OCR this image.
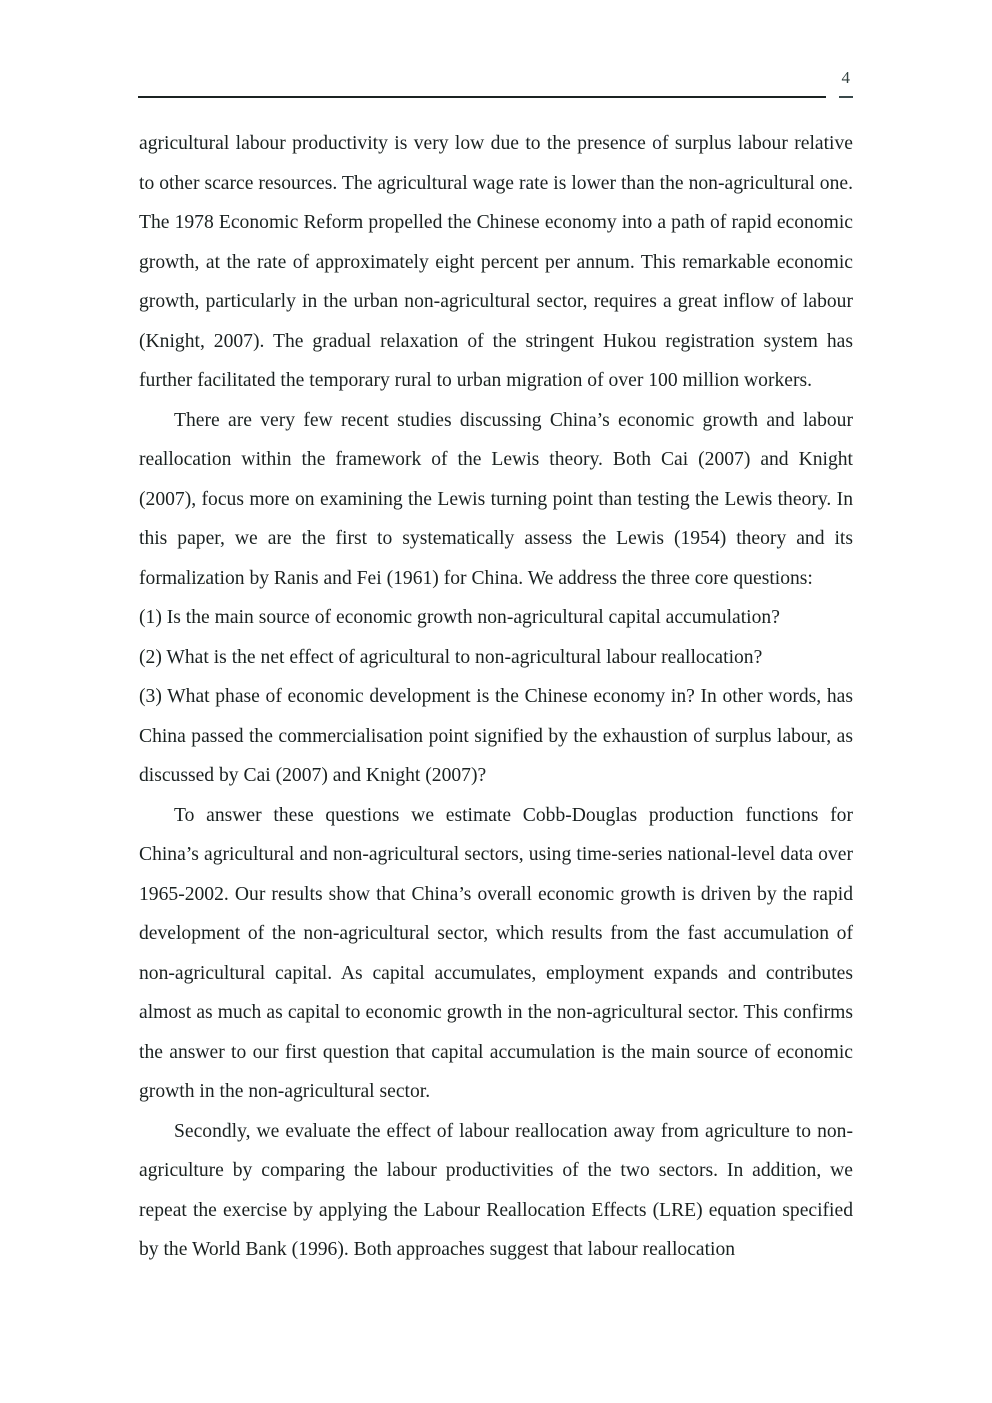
4

agricultural labour productivity is very low due to the presence of surplus labour relative to other scarce resources. The agricultural wage rate is lower than the non-agricultural one. The 1978 Economic Reform propelled the Chinese economy into a path of rapid economic growth, at the rate of approximately eight percent per annum. This remarkable economic growth, particularly in the urban non-agricultural sector, requires a great inflow of labour (Knight, 2007). The gradual relaxation of the stringent Hukou registration system has further facilitated the temporary rural to urban migration of over 100 million workers.

There are very few recent studies discussing China’s economic growth and labour reallocation within the framework of the Lewis theory. Both Cai (2007) and Knight (2007), focus more on examining the Lewis turning point than testing the Lewis theory. In this paper, we are the first to systematically assess the Lewis (1954) theory and its formalization by Ranis and Fei (1961) for China. We address the three core questions:

(1) Is the main source of economic growth non-agricultural capital accumulation?

(2) What is the net effect of agricultural to non-agricultural labour reallocation?

(3) What phase of economic development is the Chinese economy in? In other words, has China passed the commercialisation point signified by the exhaustion of surplus labour, as discussed by Cai (2007) and Knight (2007)?

To answer these questions we estimate Cobb-Douglas production functions for China’s agricultural and non-agricultural sectors, using time-series national-level data over 1965-2002. Our results show that China’s overall economic growth is driven by the rapid development of the non-agricultural sector, which results from the fast accumulation of non-agricultural capital. As capital accumulates, employment expands and contributes almost as much as capital to economic growth in the non-agricultural sector. This confirms the answer to our first question that capital accumulation is the main source of economic growth in the non-agricultural sector.

Secondly, we evaluate the effect of labour reallocation away from agriculture to non-agriculture by comparing the labour productivities of the two sectors. In addition, we repeat the exercise by applying the Labour Reallocation Effects (LRE) equation specified by the World Bank (1996). Both approaches suggest that labour reallocation
